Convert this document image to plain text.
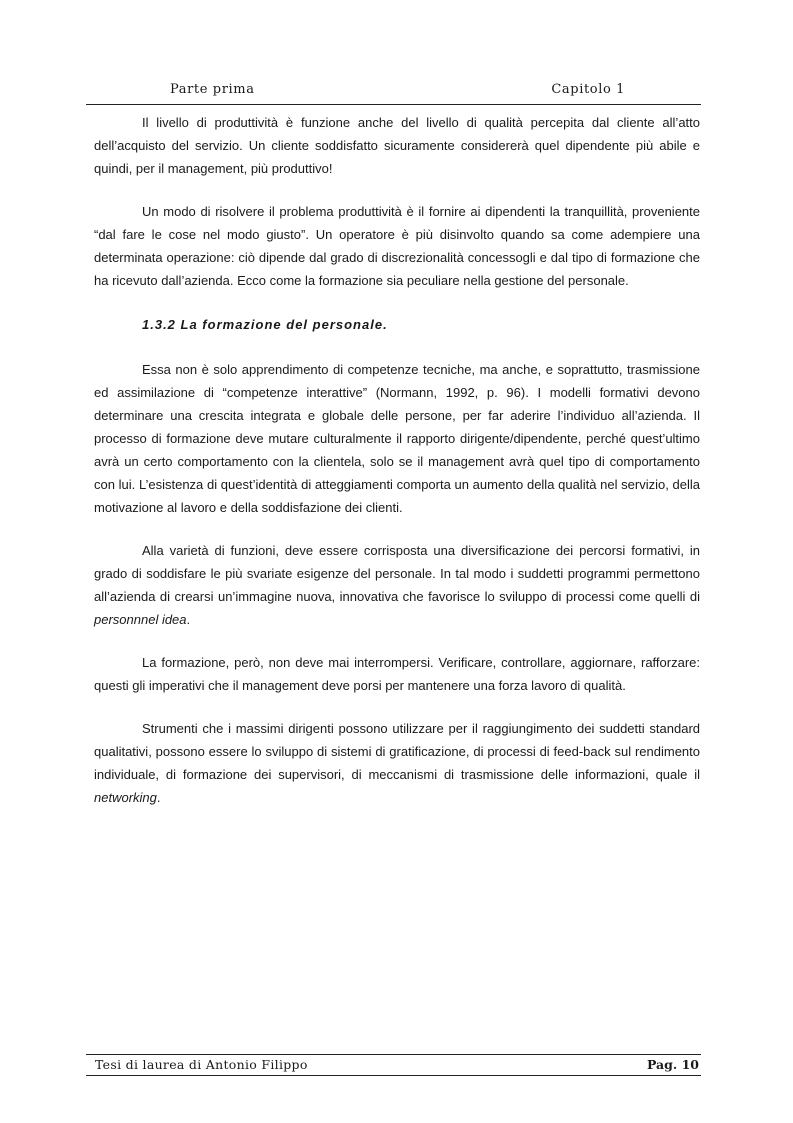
Parte prima	Capitolo 1

Il livello di produttività è funzione anche del livello di qualità percepita dal cliente all’atto dell’acquisto del servizio. Un cliente soddisfatto sicuramente considererà quel dipendente più abile e quindi, per il management, più produttivo!

Un modo di risolvere il problema produttività è il fornire ai dipendenti la tranquillità, proveniente “dal fare le cose nel modo giusto”. Un operatore è più disinvolto quando sa come adempiere una determinata operazione: ciò dipende dal grado di discrezionalità concessogli e dal tipo di formazione che ha ricevuto dall’azienda. Ecco come la formazione sia peculiare nella gestione del personale.

1.3.2 La formazione del personale.

Essa non è solo apprendimento di competenze tecniche, ma anche, e soprattutto, trasmissione ed assimilazione di “competenze interattive” (Normann, 1992, p. 96). I modelli formativi devono determinare una crescita integrata e globale delle persone, per far aderire l’individuo all’azienda. Il processo di formazione deve mutare culturalmente il rapporto dirigente/dipendente, perché quest’ultimo avrà un certo comportamento con la clientela, solo se il management avrà quel tipo di comportamento con lui. L’esistenza di quest’identità di atteggiamenti comporta un aumento della qualità nel servizio, della motivazione al lavoro e della soddisfazione dei clienti.

Alla varietà di funzioni, deve essere corrisposta una diversificazione dei percorsi formativi, in grado di soddisfare le più svariate esigenze del personale. In tal modo i suddetti programmi permettono all’azienda di crearsi un’immagine nuova, innovativa che favorisce lo sviluppo di processi come quelli di personnnel idea.

La formazione, però, non deve mai interrompersi. Verificare, controllare, aggiornare, rafforzare: questi gli imperativi che il management deve porsi per mantenere una forza lavoro di qualità.

Strumenti che i massimi dirigenti possono utilizzare per il raggiungimento dei suddetti standard qualitativi, possono essere lo sviluppo di sistemi di gratificazione, di processi di feed-back sul rendimento individuale, di formazione dei supervisori, di meccanismi di trasmissione delle informazioni, quale il networking.

Tesi di laurea di Antonio Filippo	Pag. 10
